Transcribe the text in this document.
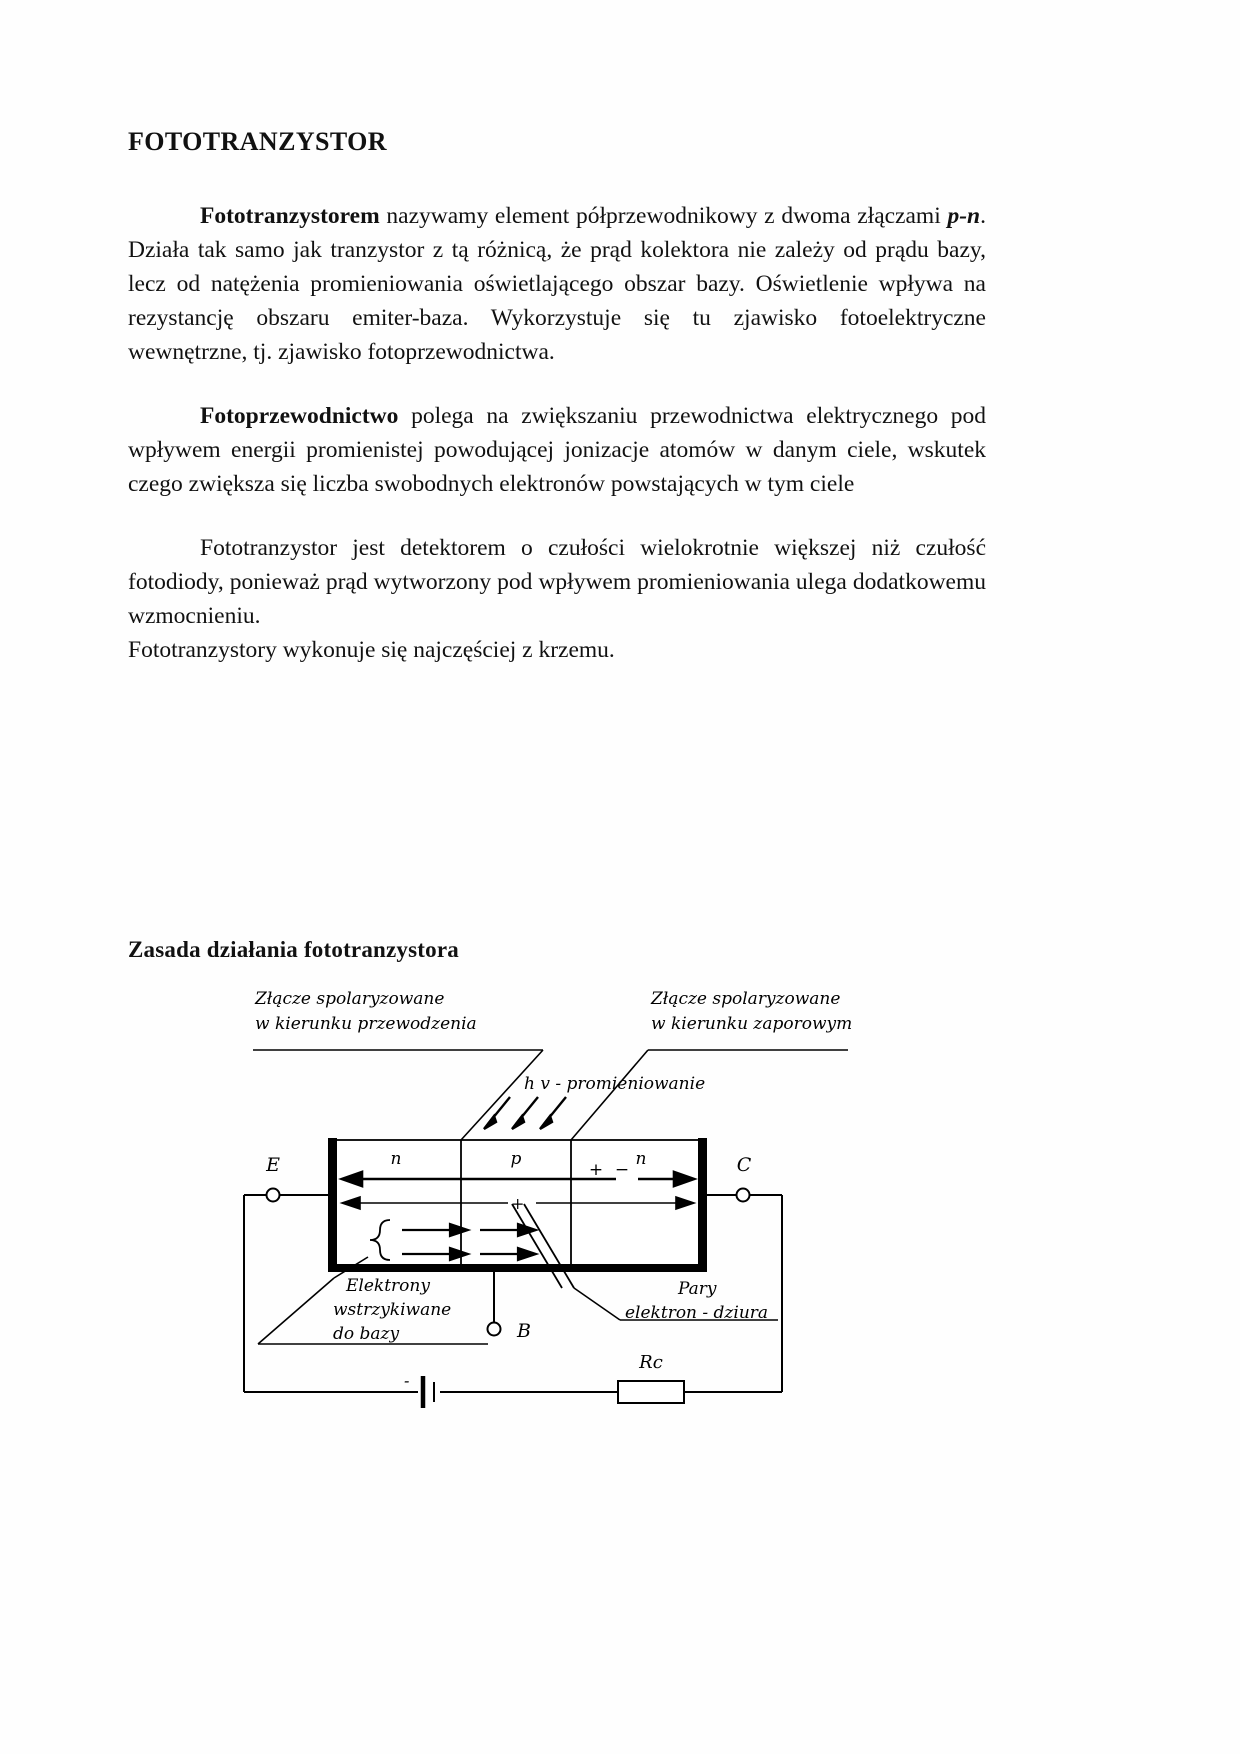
FOTOTRANZYSTOR

Fototranzystorem nazywamy element półprzewodnikowy z dwoma złączami p-n. Działa tak samo jak tranzystor z tą różnicą, że prąd kolektora nie zależy od prądu bazy, lecz od natężenia promieniowania oświetlającego obszar bazy. Oświetlenie wpływa na rezystancję obszaru emiter-baza. Wykorzystuje się tu zjawisko fotoelektryczne wewnętrzne, tj. zjawisko fotoprzewodnictwa.

Fotoprzewodnictwo polega na zwiększaniu przewodnictwa elektrycznego pod wpływem energii promienistej powodującej jonizacje atomów w danym ciele, wskutek czego zwiększa się liczba swobodnych elektronów powstających w tym ciele

Fototranzystor jest detektorem o czułości wielokrotnie większej niż czułość fotodiody, ponieważ prąd wytworzony pod wpływem promieniowania ulega dodatkowemu wzmocnieniu.

Fototranzystory wykonuje się najczęściej z krzemu.

Zasada działania fototranzystora
Złącze spolaryzowane
w kierunku przewodzenia
Złącze spolaryzowane
w kierunku zaporowym
h v - promieniowanie
n	p	n
+ −
+
Elektrony
wstrzykiwane
do bazy
Pary
elektron - dziura
E	C
B
-
Rc
